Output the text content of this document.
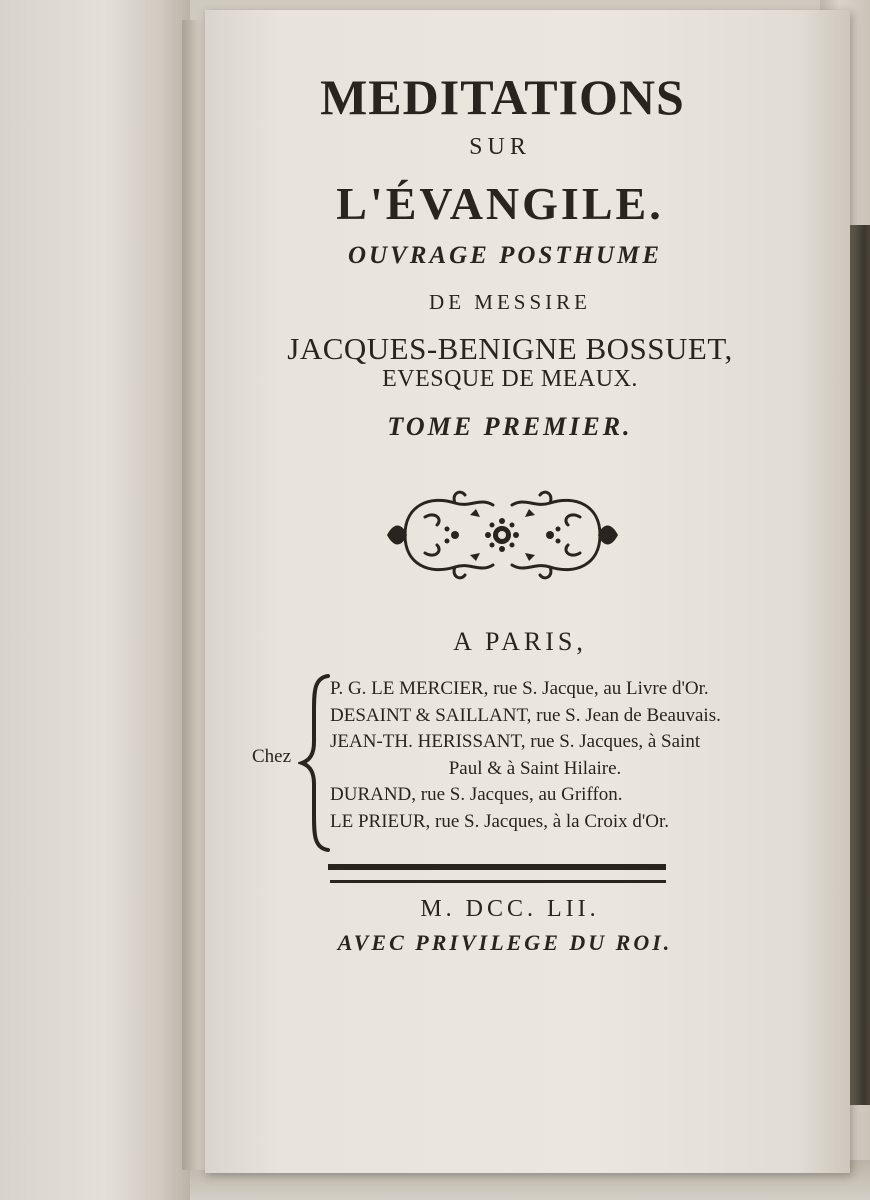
MEDITATIONS
SUR
L'ÉVANGILE.
OUVRAGE POSTHUME
DE MESSIRE
JACQUES-BENIGNE BOSSUET,
EVESQUE DE MEAUX.
TOME PREMIER.
A PARIS,
Chez
P. G. LE MERCIER, rue S. Jacque, au Livre d'Or.
DESAINT & SAILLANT, rue S. Jean de Beauvais.
JEAN-TH. HERISSANT, rue S. Jacques, à Saint
Paul & à Saint Hilaire.
DURAND, rue S. Jacques, au Griffon.
LE PRIEUR, rue S. Jacques, à la Croix d'Or.
M. DCC. LII.
AVEC PRIVILEGE DU ROI.
